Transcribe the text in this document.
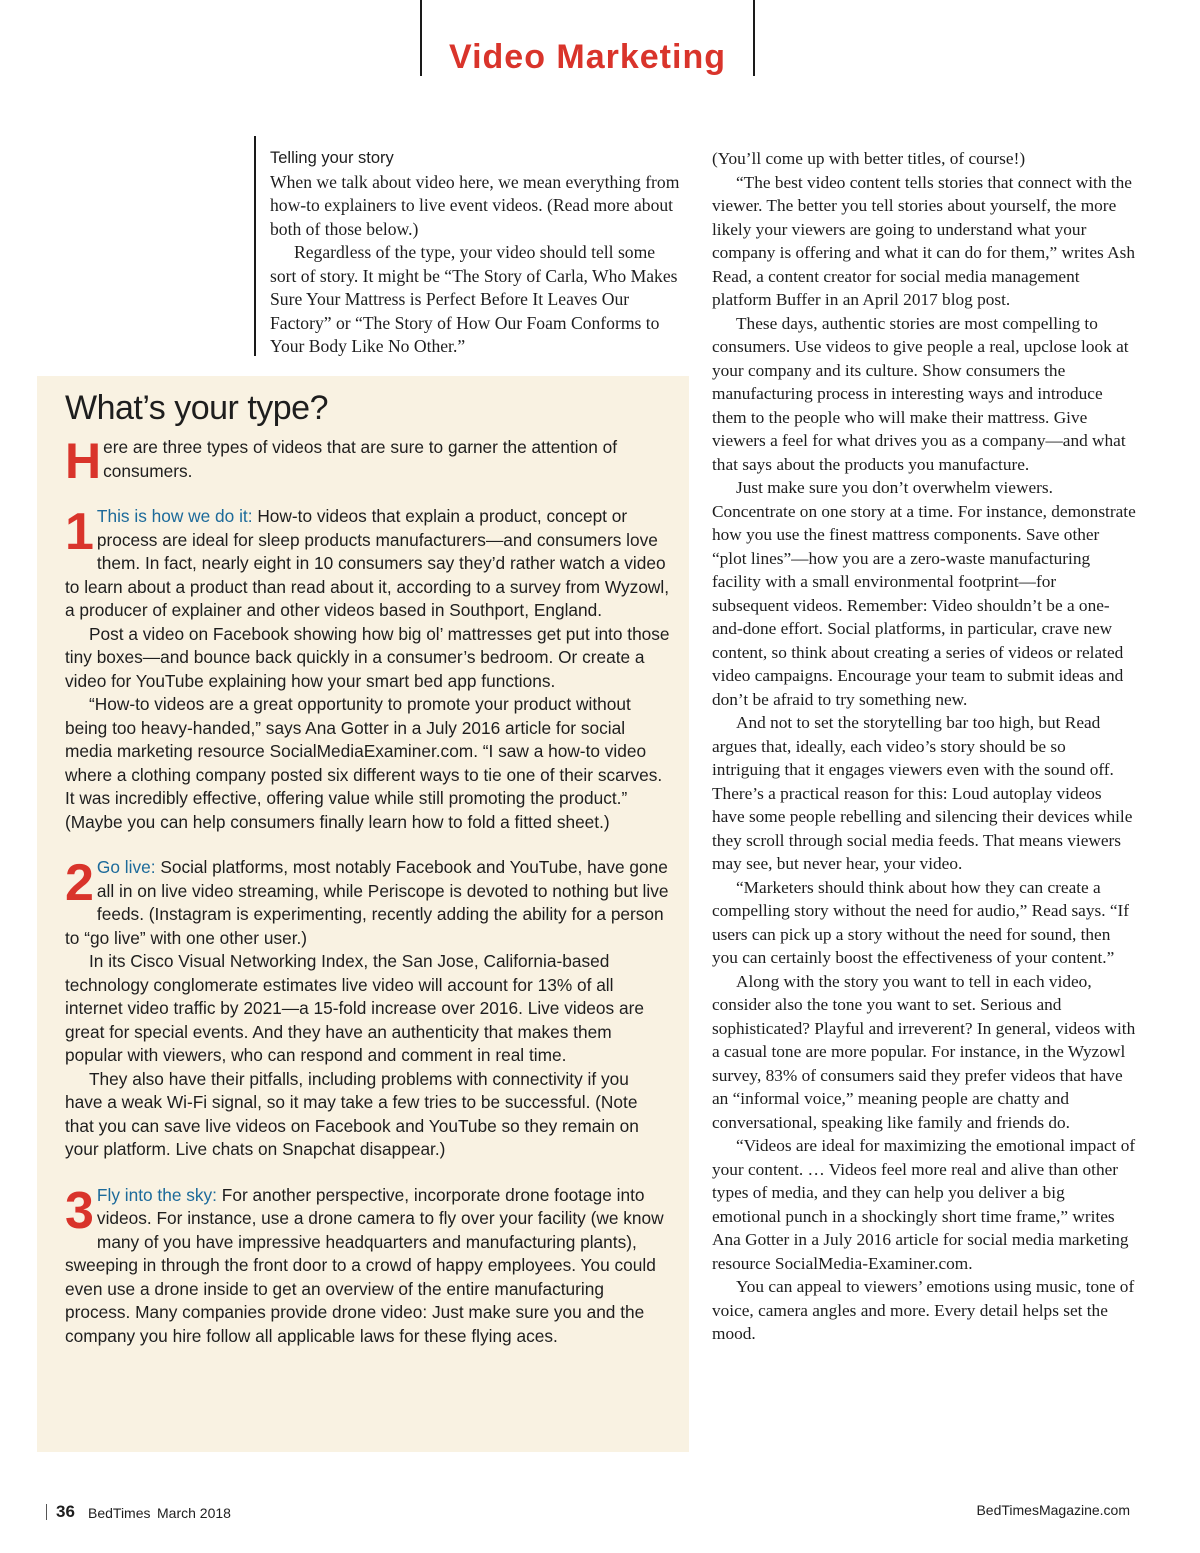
Video Marketing
Telling your story

When we talk about video here, we mean everything from how-to explainers to live event videos. (Read more about both of those below.)

Regardless of the type, your video should tell some sort of story. It might be “The Story of Carla, Who Makes Sure Your Mattress is Perfect Before It Leaves Our Factory” or “The Story of How Our Foam Conforms to Your Body Like No Other.”

What’s your type?

Here are three types of videos that are sure to garner the attention of consumers.

1 This is how we do it: How-to videos that explain a product, concept or process are ideal for sleep products manufacturers—and consumers love them. In fact, nearly eight in 10 consumers say they’d rather watch a video to learn about a product than read about it, according to a survey from Wyzowl, a producer of explainer and other videos based in Southport, England.

Post a video on Facebook showing how big ol’ mattresses get put into those tiny boxes—and bounce back quickly in a consumer’s bedroom. Or create a video for YouTube explaining how your smart bed app functions.

“How-to videos are a great opportunity to promote your product without being too heavy-handed,” says Ana Gotter in a July 2016 article for social media marketing resource SocialMediaExaminer.com. “I saw a how-to video where a clothing company posted six different ways to tie one of their scarves. It was incredibly effective, offering value while still promoting the product.” (Maybe you can help consumers finally learn how to fold a fitted sheet.)

2 Go live: Social platforms, most notably Facebook and YouTube, have gone all in on live video streaming, while Periscope is devoted to nothing but live feeds. (Instagram is experimenting, recently adding the ability for a person to “go live” with one other user.)

In its Cisco Visual Networking Index, the San Jose, California-based technology conglomerate estimates live video will account for 13% of all internet video traffic by 2021—a 15-fold increase over 2016. Live videos are great for special events. And they have an authenticity that makes them popular with viewers, who can respond and comment in real time.

They also have their pitfalls, including problems with connectivity if you have a weak Wi-Fi signal, so it may take a few tries to be successful. (Note that you can save live videos on Facebook and YouTube so they remain on your platform. Live chats on Snapchat disappear.)

3 Fly into the sky: For another perspective, incorporate drone footage into videos. For instance, use a drone camera to fly over your facility (we know many of you have impressive headquarters and manufacturing plants), sweeping in through the front door to a crowd of happy employees. You could even use a drone inside to get an overview of the entire manufacturing process. Many companies provide drone video: Just make sure you and the company you hire follow all applicable laws for these flying aces.

(You’ll come up with better titles, of course!)

“The best video content tells stories that connect with the viewer. The better you tell stories about yourself, the more likely your viewers are going to understand what your company is offering and what it can do for them,” writes Ash Read, a content creator for social media management platform Buffer in an April 2017 blog post.

These days, authentic stories are most compelling to consumers. Use videos to give people a real, upclose look at your company and its culture. Show consumers the manufacturing process in interesting ways and introduce them to the people who will make their mattress. Give viewers a feel for what drives you as a company—and what that says about the products you manufacture.

Just make sure you don’t overwhelm viewers. Concentrate on one story at a time. For instance, demonstrate how you use the finest mattress components. Save other “plot lines”—how you are a zero-waste manufacturing facility with a small environmental footprint—for subsequent videos. Remember: Video shouldn’t be a one-and-done effort. Social platforms, in particular, crave new content, so think about creating a series of videos or related video campaigns. Encourage your team to submit ideas and don’t be afraid to try something new.

And not to set the storytelling bar too high, but Read argues that, ideally, each video’s story should be so intriguing that it engages viewers even with the sound off. There’s a practical reason for this: Loud autoplay videos have some people rebelling and silencing their devices while they scroll through social media feeds. That means viewers may see, but never hear, your video.

“Marketers should think about how they can create a compelling story without the need for audio,” Read says. “If users can pick up a story without the need for sound, then you can certainly boost the effectiveness of your content.”

Along with the story you want to tell in each video, consider also the tone you want to set. Serious and sophisticated? Playful and irreverent? In general, videos with a casual tone are more popular. For instance, in the Wyzowl survey, 83% of consumers said they prefer videos that have an “informal voice,” meaning people are chatty and conversational, speaking like family and friends do.

“Videos are ideal for maximizing the emotional impact of your content. … Videos feel more real and alive than other types of media, and they can help you deliver a big emotional punch in a shockingly short time frame,” writes Ana Gotter in a July 2016 article for social media marketing resource SocialMedia-Examiner.com.

You can appeal to viewers’ emotions using music, tone of voice, camera angles and more. Every detail helps set the mood.

36 BedTimes March 2018	BedTimesMagazine.com
